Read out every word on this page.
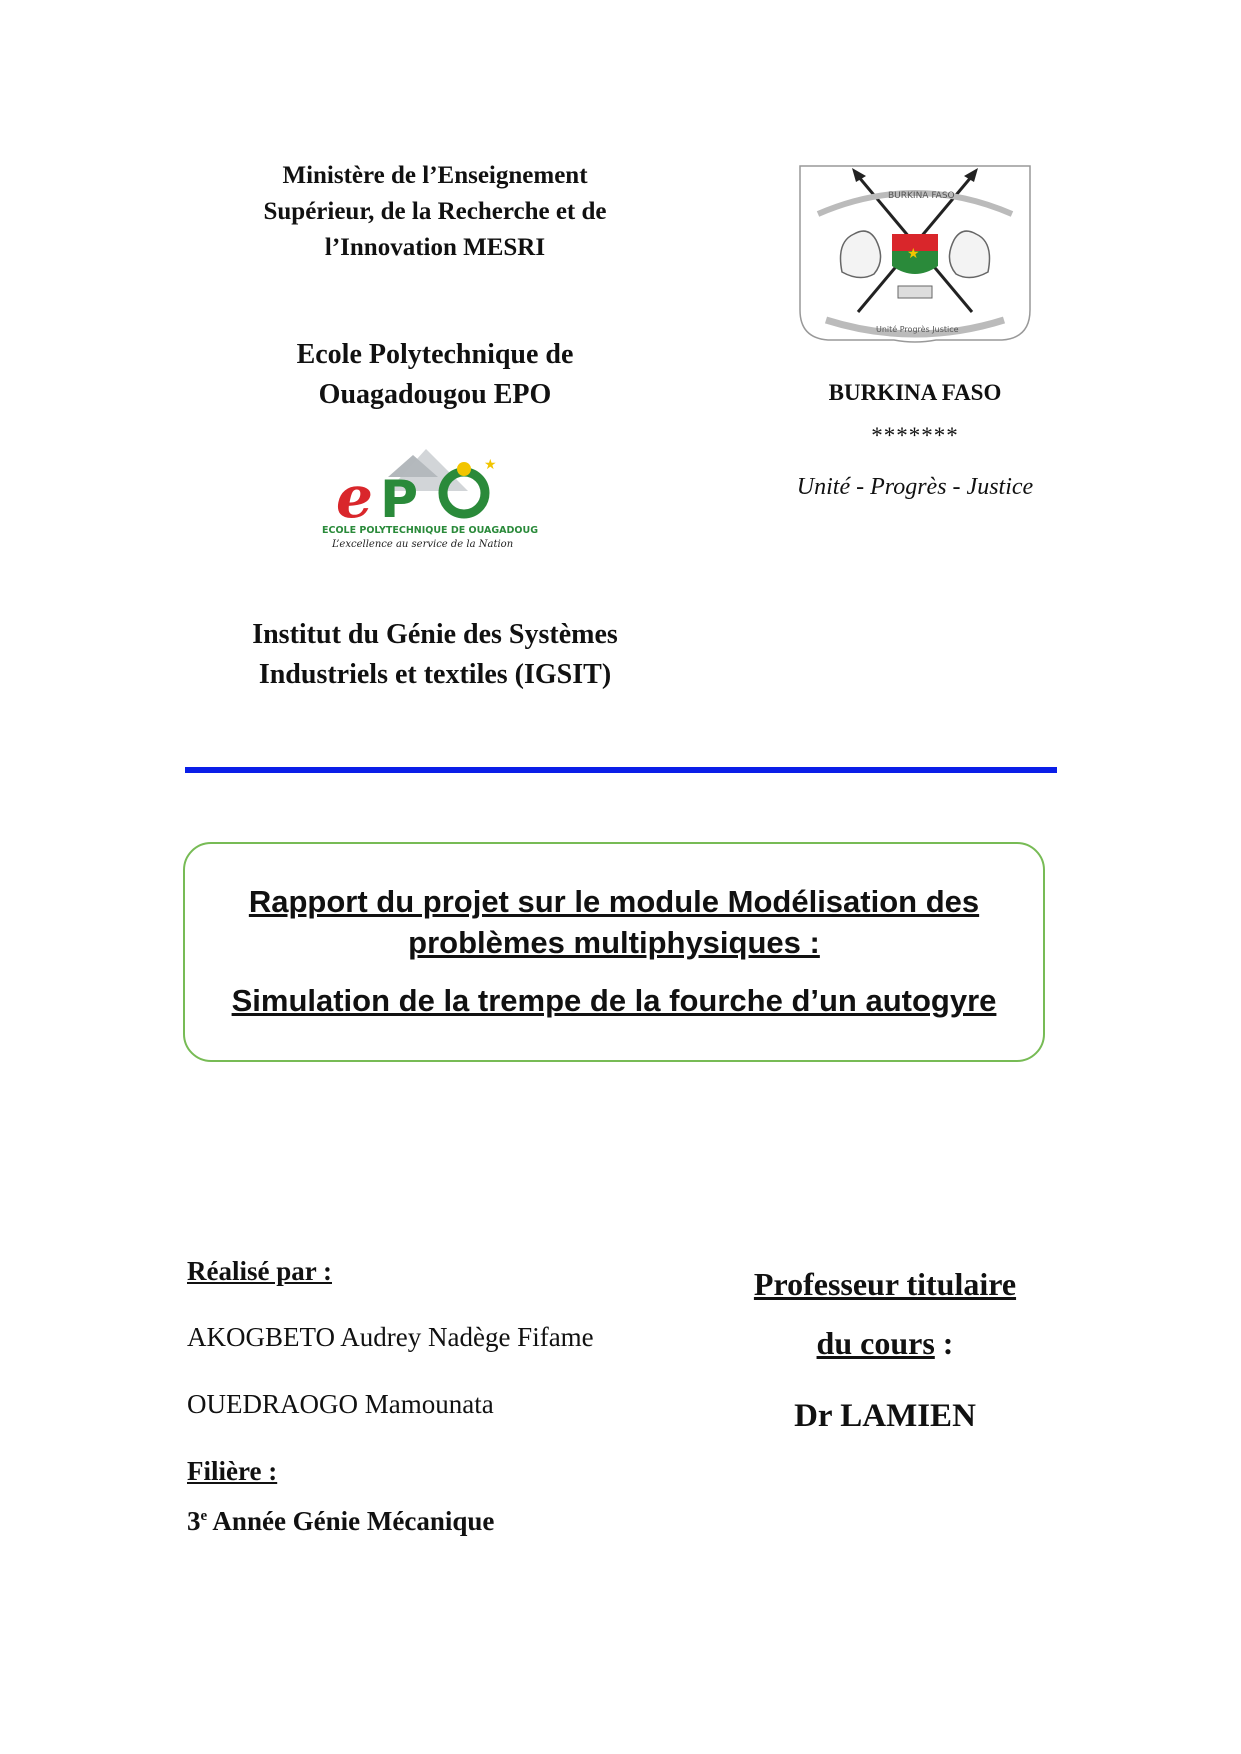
Ministère de l’Enseignement
Supérieur, de la Recherche et de
l’Innovation MESRI
Ecole Polytechnique de
Ouagadougou EPO
e P
★
ECOLE POLYTECHNIQUE DE OUAGADOUGOU
L’excellence au service de la Nation
Institut du Génie des Systèmes
Industriels et textiles (IGSIT)
BURKINA FASO
★
Unité Progrès Justice
BURKINA FASO
*******
Unité - Progrès - Justice
Rapport du projet sur le module Modélisation des
problèmes multiphysiques :
Simulation de la trempe de la fourche d’un autogyre
Réalisé par :
AKOGBETO Audrey Nadège Fifame
OUEDRAOGO Mamounata
Filière :
3e Année Génie Mécanique
Professeur titulaire
du cours :
Dr LAMIEN
